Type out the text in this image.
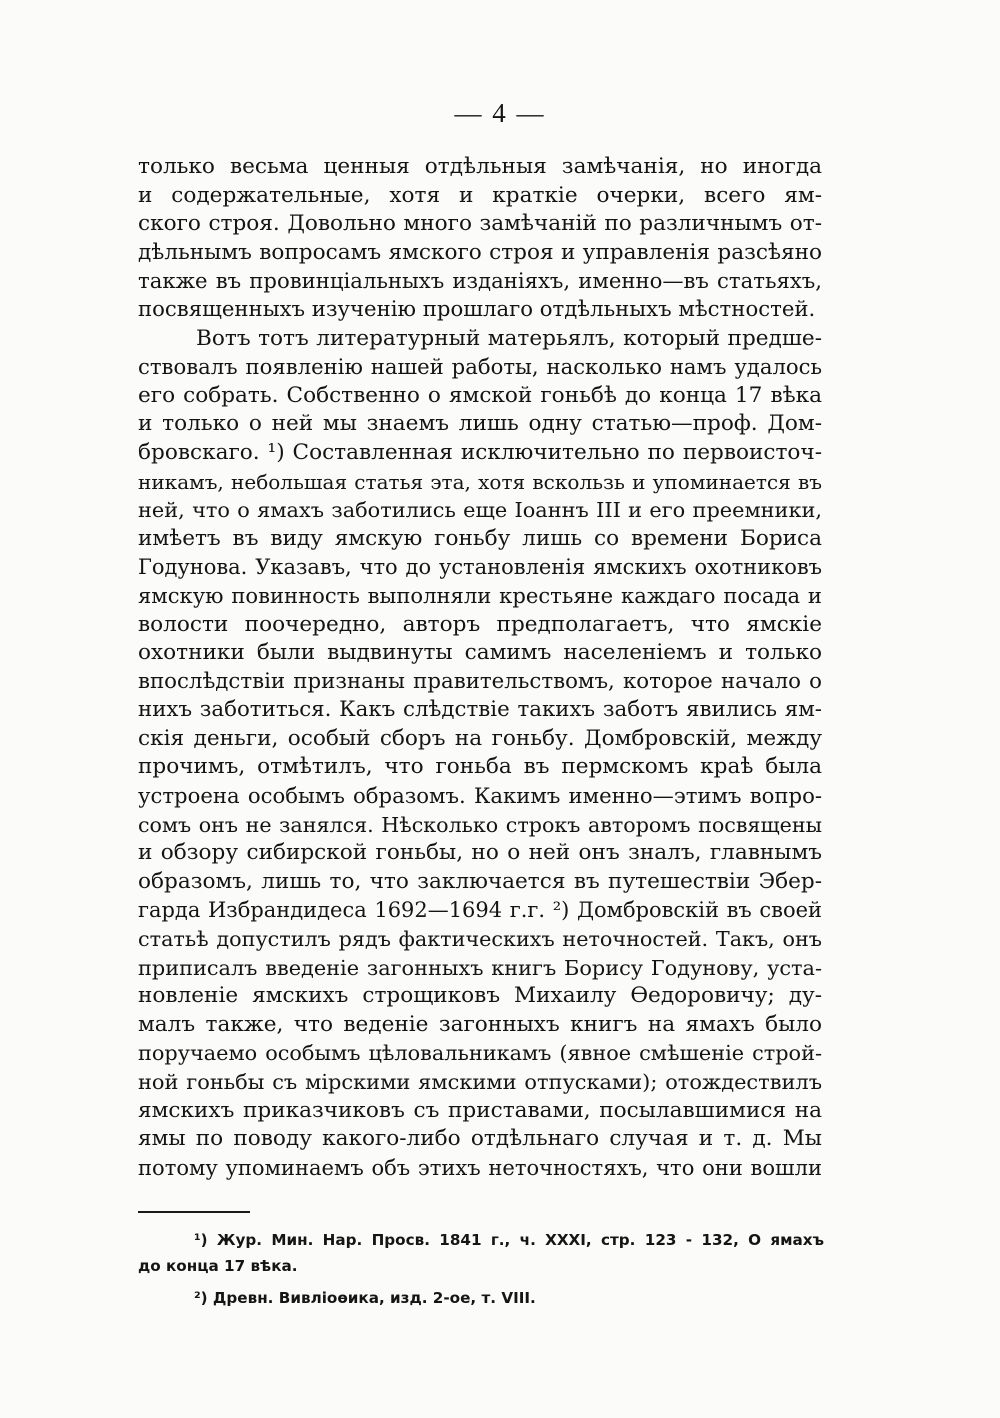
— 4 —
только весьма ценныя отдѣльныя замѣчанія, но иногда
и содержательные, хотя и краткіе очерки, всего ям-
ского строя. Довольно много замѣчаній по различнымъ от-
дѣльнымъ вопросамъ ямского строя и управленія разсѣяно
также въ провинціальныхъ изданіяхъ, именно—въ статьяхъ,
посвященныхъ изученію прошлаго отдѣльныхъ мѣстностей.
Вотъ тотъ литературный матерьялъ, который предше-
ствовалъ появленію нашей работы, насколько намъ удалось
его собрать. Собственно о ямской гоньбѣ до конца 17 вѣка
и только о ней мы знаемъ лишь одну статью—проф. Дом-
бровскаго. ¹) Составленная исключительно по первоисточ-
никамъ, небольшая статья эта, хотя вскользь и упоминается въ
ней, что о ямахъ заботились еще Іоаннъ III и его преемники,
имѣетъ въ виду ямскую гоньбу лишь со времени Бориса
Годунова. Указавъ, что до установленія ямскихъ охотниковъ
ямскую повинность выполняли крестьяне каждаго посада и
волости поочередно, авторъ предполагаетъ, что ямскіе
охотники были выдвинуты самимъ населеніемъ и только
впослѣдствіи признаны правительствомъ, которое начало о
нихъ заботиться. Какъ слѣдствіе такихъ заботъ явились ям-
скія деньги, особый сборъ на гоньбу. Домбровскій, между
прочимъ, отмѣтилъ, что гоньба въ пермскомъ краѣ была
устроена особымъ образомъ. Какимъ именно—этимъ вопро-
сомъ онъ не занялся. Нѣсколько строкъ авторомъ посвящены
и обзору сибирской гоньбы, но о ней онъ зналъ, главнымъ
образомъ, лишь то, что заключается въ путешествіи Эбер-
гарда Избрандидеса 1692—1694 г.г. ²) Домбровскій въ своей
статьѣ допустилъ рядъ фактическихъ неточностей. Такъ, онъ
приписалъ введеніе загонныхъ книгъ Борису Годунову, уста-
новленіе ямскихъ строщиковъ Михаилу Ѳедоровичу; ду-
малъ также, что веденіе загонныхъ книгъ на ямахъ было
поручаемо особымъ цѣловальникамъ (явное смѣшеніе строй-
ной гоньбы съ мірскими ямскими отпусками); отождествилъ
ямскихъ приказчиковъ съ приставами, посылавшимися на
ямы по поводу какого-либо отдѣльнаго случая и т. д. Мы
потому упоминаемъ объ этихъ неточностяхъ, что они вошли
¹) Жур. Мин. Нар. Просв. 1841 г., ч. XXXI, стр. 123 - 132, О ямахъ
до конца 17 вѣка.
²) Древн. Вивліоѳика, изд. 2-ое, т. VIII.
